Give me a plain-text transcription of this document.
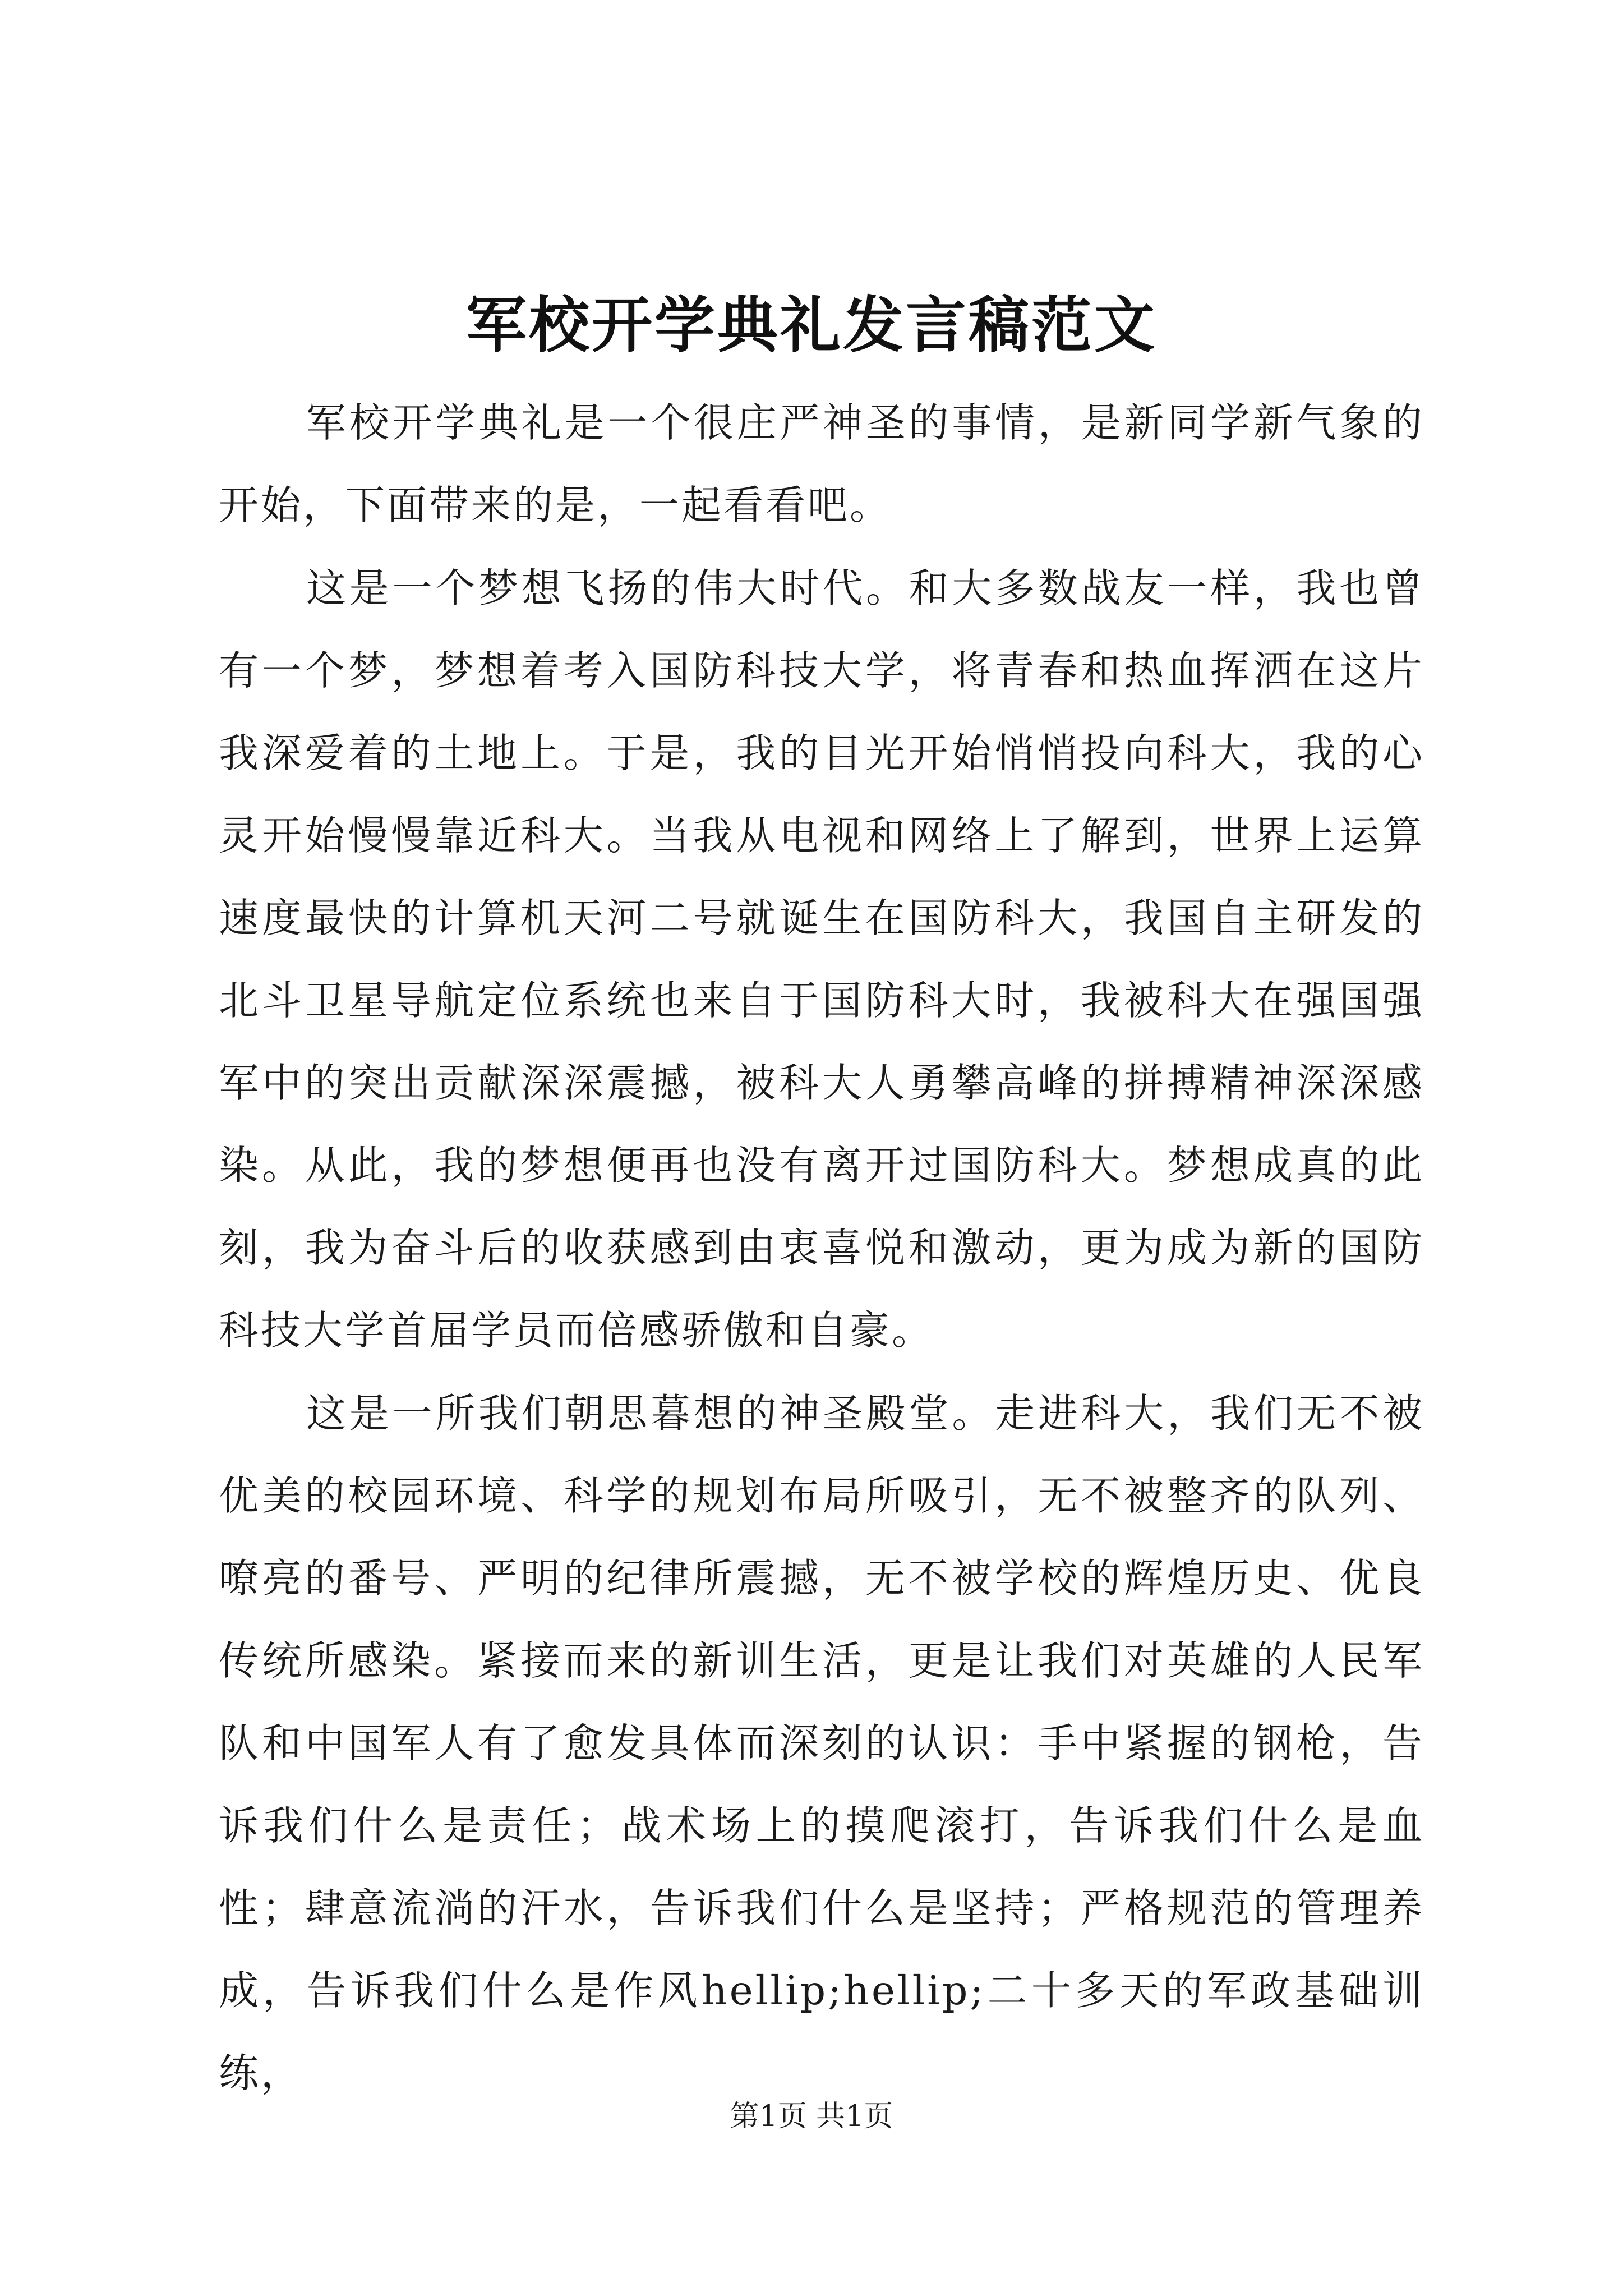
军校开学典礼发言稿范文

军校开学典礼是一个很庄严神圣的事情，是新同学新气象的开始，下面带来的是，一起看看吧。

这是一个梦想飞扬的伟大时代。和大多数战友一样，我也曾有一个梦，梦想着考入国防科技大学，将青春和热血挥洒在这片我深爱着的土地上。于是，我的目光开始悄悄投向科大，我的心灵开始慢慢靠近科大。当我从电视和网络上了解到，世界上运算速度最快的计算机天河二号就诞生在国防科大，我国自主研发的北斗卫星导航定位系统也来自于国防科大时，我被科大在强国强军中的突出贡献深深震撼，被科大人勇攀高峰的拼搏精神深深感染。从此，我的梦想便再也没有离开过国防科大。梦想成真的此刻，我为奋斗后的收获感到由衷喜悦和激动，更为成为新的国防科技大学首届学员而倍感骄傲和自豪。

这是一所我们朝思暮想的神圣殿堂。走进科大，我们无不被优美的校园环境、科学的规划布局所吸引，无不被整齐的队列、嘹亮的番号、严明的纪律所震撼，无不被学校的辉煌历史、优良传统所感染。紧接而来的新训生活，更是让我们对英雄的人民军队和中国军人有了愈发具体而深刻的认识：手中紧握的钢枪，告诉我们什么是责任；战术场上的摸爬滚打，告诉我们什么是血性；肆意流淌的汗水，告诉我们什么是坚持；严格规范的管理养成，告诉我们什么是作风hellip;hellip;二十多天的军政基础训练，

第1页 共1页
